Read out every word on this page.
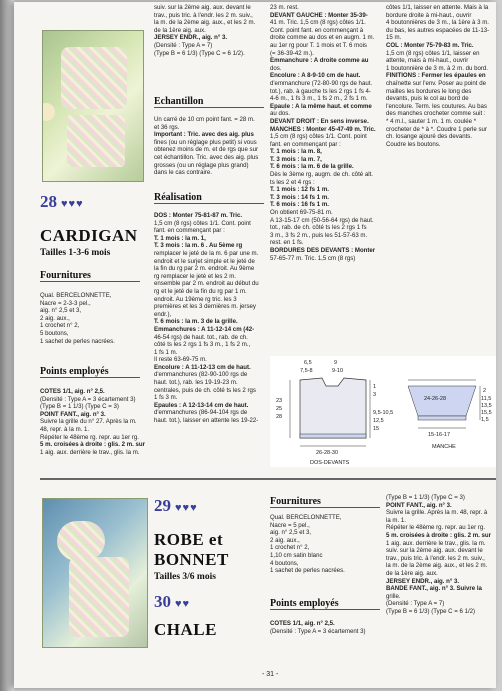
28 ♥♥♥
CARDIGAN
Tailles 1-3-6 mois
Fournitures
Qual. BERCELONNETTE,
Nacre = 2-3-3 pel.,
aig. n° 2,5 et 3,
2 aig. aux.,
1 crochet n° 2,
5 boutons,
1 sachet de perles nacrées.
Points employés
COTES 1/1, aig. n° 2,5.
(Densité : Type A = 3 écartement 3)
(Type B = 1 1/3) (Type C = 3)
POINT FANT., aig. n° 3.
Suivre la grille du n° 27. Après la m.
48, repr. à la m. 1.
Répéter le 48ème rg. repr. au 1er rg.
5 m. croisées à droite : glis. 2 m. sur
1 aig. aux. derrière le trav., glis. la m.
suiv. sur la 2ème aig. aux. devant le
trav., puis tric. à l'endr. les 2 m. suiv.,
la m. de la 2ème aig. aux., et les 2 m.
de la 1ère aig. aux.
JERSEY ENDR., aig. n° 3.
(Densité : Type A = 7)
(Type B = 6 1/3) (Type C = 6 1/2).
Echantillon
Un carré de 10 cm point fant. = 28 m.
et 36 rgs.
Important : Tric. avec des aig. plus
fines (ou un réglage plus petit) si vous
obtenez moins de m. et de rgs que sur
cet échantillon. Tric. avec des aig. plus
grosses (ou un réglage plus grand)
dans le cas contraire.
Réalisation
DOS : Monter 75-81-87 m. Tric.
1,5 cm (8 rgs) côtes 1/1. Cont. point
fant. en commençant par :
T. 1 mois : la m. 1,
T. 3 mois : la m. 6 . Au 5ème rg
remplacer le jeté de la m. 6 par une m.
endroit et le surjet simple et le jeté de
la fin du rg par 2 m. endroit. Au 9ème
rg remplacer le jeté et les 2 m.
ensemble par 2 m. endroit au début du
rg et le jeté de la fin du rg par 1 m.
endroit. Au 19ème rg tric. les 3
premières et les 3 dernières m. jersey
endr.),
T. 6 mois : la m. 3 de la grille.
Emmanchures : A 11-12-14 cm (42-
46-54 rgs) de haut. tot., rab. de ch.
côté ts les 2 rgs 1 fs 3 m., 1 fs 2 m.,
1 fs 1 m.
Il reste 63-69-75 m.
Encolure : A 11-12-13 cm de haut.
d'emmanchures (82-90-100 rgs de
haut. tot.), rab. les 19-19-23 m.
centrales, puis de ch. côté ts les 2 rgs
1 fs 3 m.
Epaules : A 12-13-14 cm de haut.
d'emmanchures (86-94-104 rgs de
haut. tot.), laisser en attente les 19-22-
23 m. rest.
DEVANT GAUCHE : Monter 35-39-
41 m. Tric. 1,5 cm (8 rgs) côtes 1/1.
Cont. point fant. en commençant à
droite comme au dos et en augm. 1 m.
au 1er rg pour T. 1 mois et T. 6 mois
(= 36-39-42 m.).
Emmanchure : A droite comme au
dos.
Encolure : A 8-9-10 cm de haut.
d'emmanchure (72-80-90 rgs de haut.
tot.), rab. à gauche ts les 2 rgs 1 fs 4-
4-6 m., 1 fs 3 m., 1 fs 2 m., 2 fs 1 m.
Epaule : A la même haut. et comme
au dos.
DEVANT DROIT : En sens inverse.
MANCHES : Monter 45-47-49 m. Tric.
1,5 cm (8 rgs) côtes 1/1. Cont. point
fant. en commençant par :
T. 1 mois : la m. 8,
T. 3 mois : la m. 7,
T. 6 mois : la m. 6 de la grille.
Dès le 3ème rg, augm. de ch. côté alt.
ts les 2 et 4 rgs :
T. 1 mois : 12 fs 1 m.
T. 3 mois : 14 fs 1 m.
T. 6 mois : 16 fs 1 m.
On obtient 69-75-81 m.
A 13-15-17 cm (50-56-64 rgs) de haut.
tot., rab. de ch. côté ts les 2 rgs 1 fs
3 m., 3 fs 2 m., puis les 51-57-63 m.
rest. en 1 fs.
BORDURES DES DEVANTS : Monter
57-65-77 m. Tric. 1,5 cm (8 rgs)
côtes 1/1, laisser en attente. Mais à la
bordure droite à mi-haut., ouvrir
4 boutonnières de 3 m., la 1ère à 3 m.
du bas, les autres espacées de 11-13-
15 m.
COL : Monter 75-79-83 m. Tric.
1,5 cm (8 rgs) côtes 1/1, laisser en
attente, mais à mi-haut., ouvrir
1 boutonnière de 3 m. à 2 m. du bord.
FINITIONS : Fermer les épaules en
chaînette sur l'env. Poser au point de
mailles les bordures le long des
devants, puis le col au bord de
l'encolure. Term. les coutures. Au bas
des manches crocheter comme suit :
* 4 m.l., sauter 1 m. 1 m. coulée *
crocheter de * à *. Coudre 1 perle sur
ch. losange ajouré des devants.
Coudre les boutons.
6,5	9
7,5-8	9-10
23
25
28
1
3
9,5-10,5
12,5
15
26-28-30
DOS-DEVANTS
24-26-28
15-16-17
MANCHE
2
11,5
13,5
15,5
1,5
29 ♥♥♥
ROBE et
BONNET
Tailles 3/6 mois
30 ♥♥
CHALE
Fournitures
Qual. BERCELONNETTE,
Nacre = 5 pel.,
aig. n° 2,5 et 3,
2 aig. aux.,
1 crochet n° 2,
1,10 cm satin blanc
4 boutons,
1 sachet de perles nacrées.
Points employés
COTES 1/1, aig. n° 2,5.
(Densité : Type A = 3 écartement 3)
(Type B = 1 1/3) (Type C = 3)
POINT FANT., aig. n° 3.
Suivre la grille. Après la m. 48, repr. à
la m. 1.
Répéter le 48ème rg. repr. au 1er rg.
5 m. croisées à droite : glis. 2 m. sur
1 aig. aux. derrière le trav., glis. la m.
suiv. sur la 2ème aig. aux. devant le
trav., puis tric. à l'endr. les 2 m. suiv.,
la m. de la 2ème aig. aux., et les 2 m.
de la 1ère aig. aux.
JERSEY ENDR., aig. n° 3.
BANDE FANT., aig. n° 3. Suivre la
grille.
(Densité : Type A = 7)
(Type B = 6 1/3) (Type C = 6 1/2)
- 31 -
